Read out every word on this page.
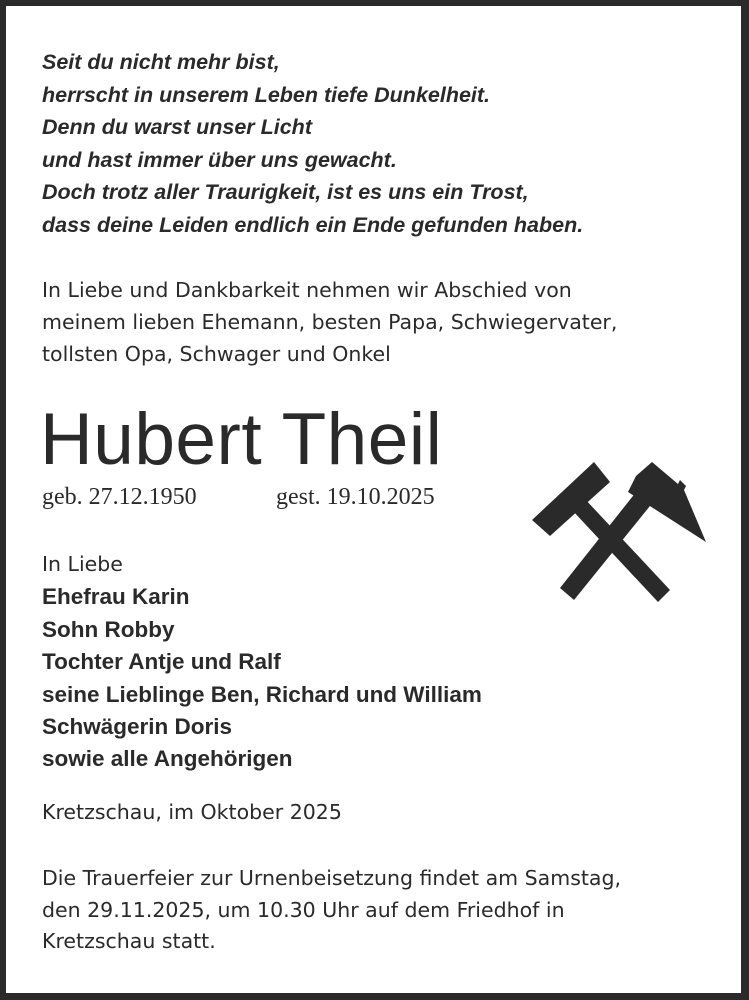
Seit du nicht mehr bist,
herrscht in unserem Leben tiefe Dunkelheit.
Denn du warst unser Licht
und hast immer über uns gewacht.
Doch trotz aller Traurigkeit, ist es uns ein Trost,
dass deine Leiden endlich ein Ende gefunden haben.
In Liebe und Dankbarkeit nehmen wir Abschied von
meinem lieben Ehemann, besten Papa, Schwiegervater,
tollsten Opa, Schwager und Onkel
Hubert Theil
geb. 27.12.1950	gest. 19.10.2025
In Liebe
Ehefrau Karin
Sohn Robby
Tochter Antje und Ralf
seine Lieblinge Ben, Richard und William
Schwägerin Doris
sowie alle Angehörigen
Kretzschau, im Oktober 2025
Die Trauerfeier zur Urnenbeisetzung findet am Samstag,
den 29.11.2025, um 10.30 Uhr auf dem Friedhof in
Kretzschau statt.
